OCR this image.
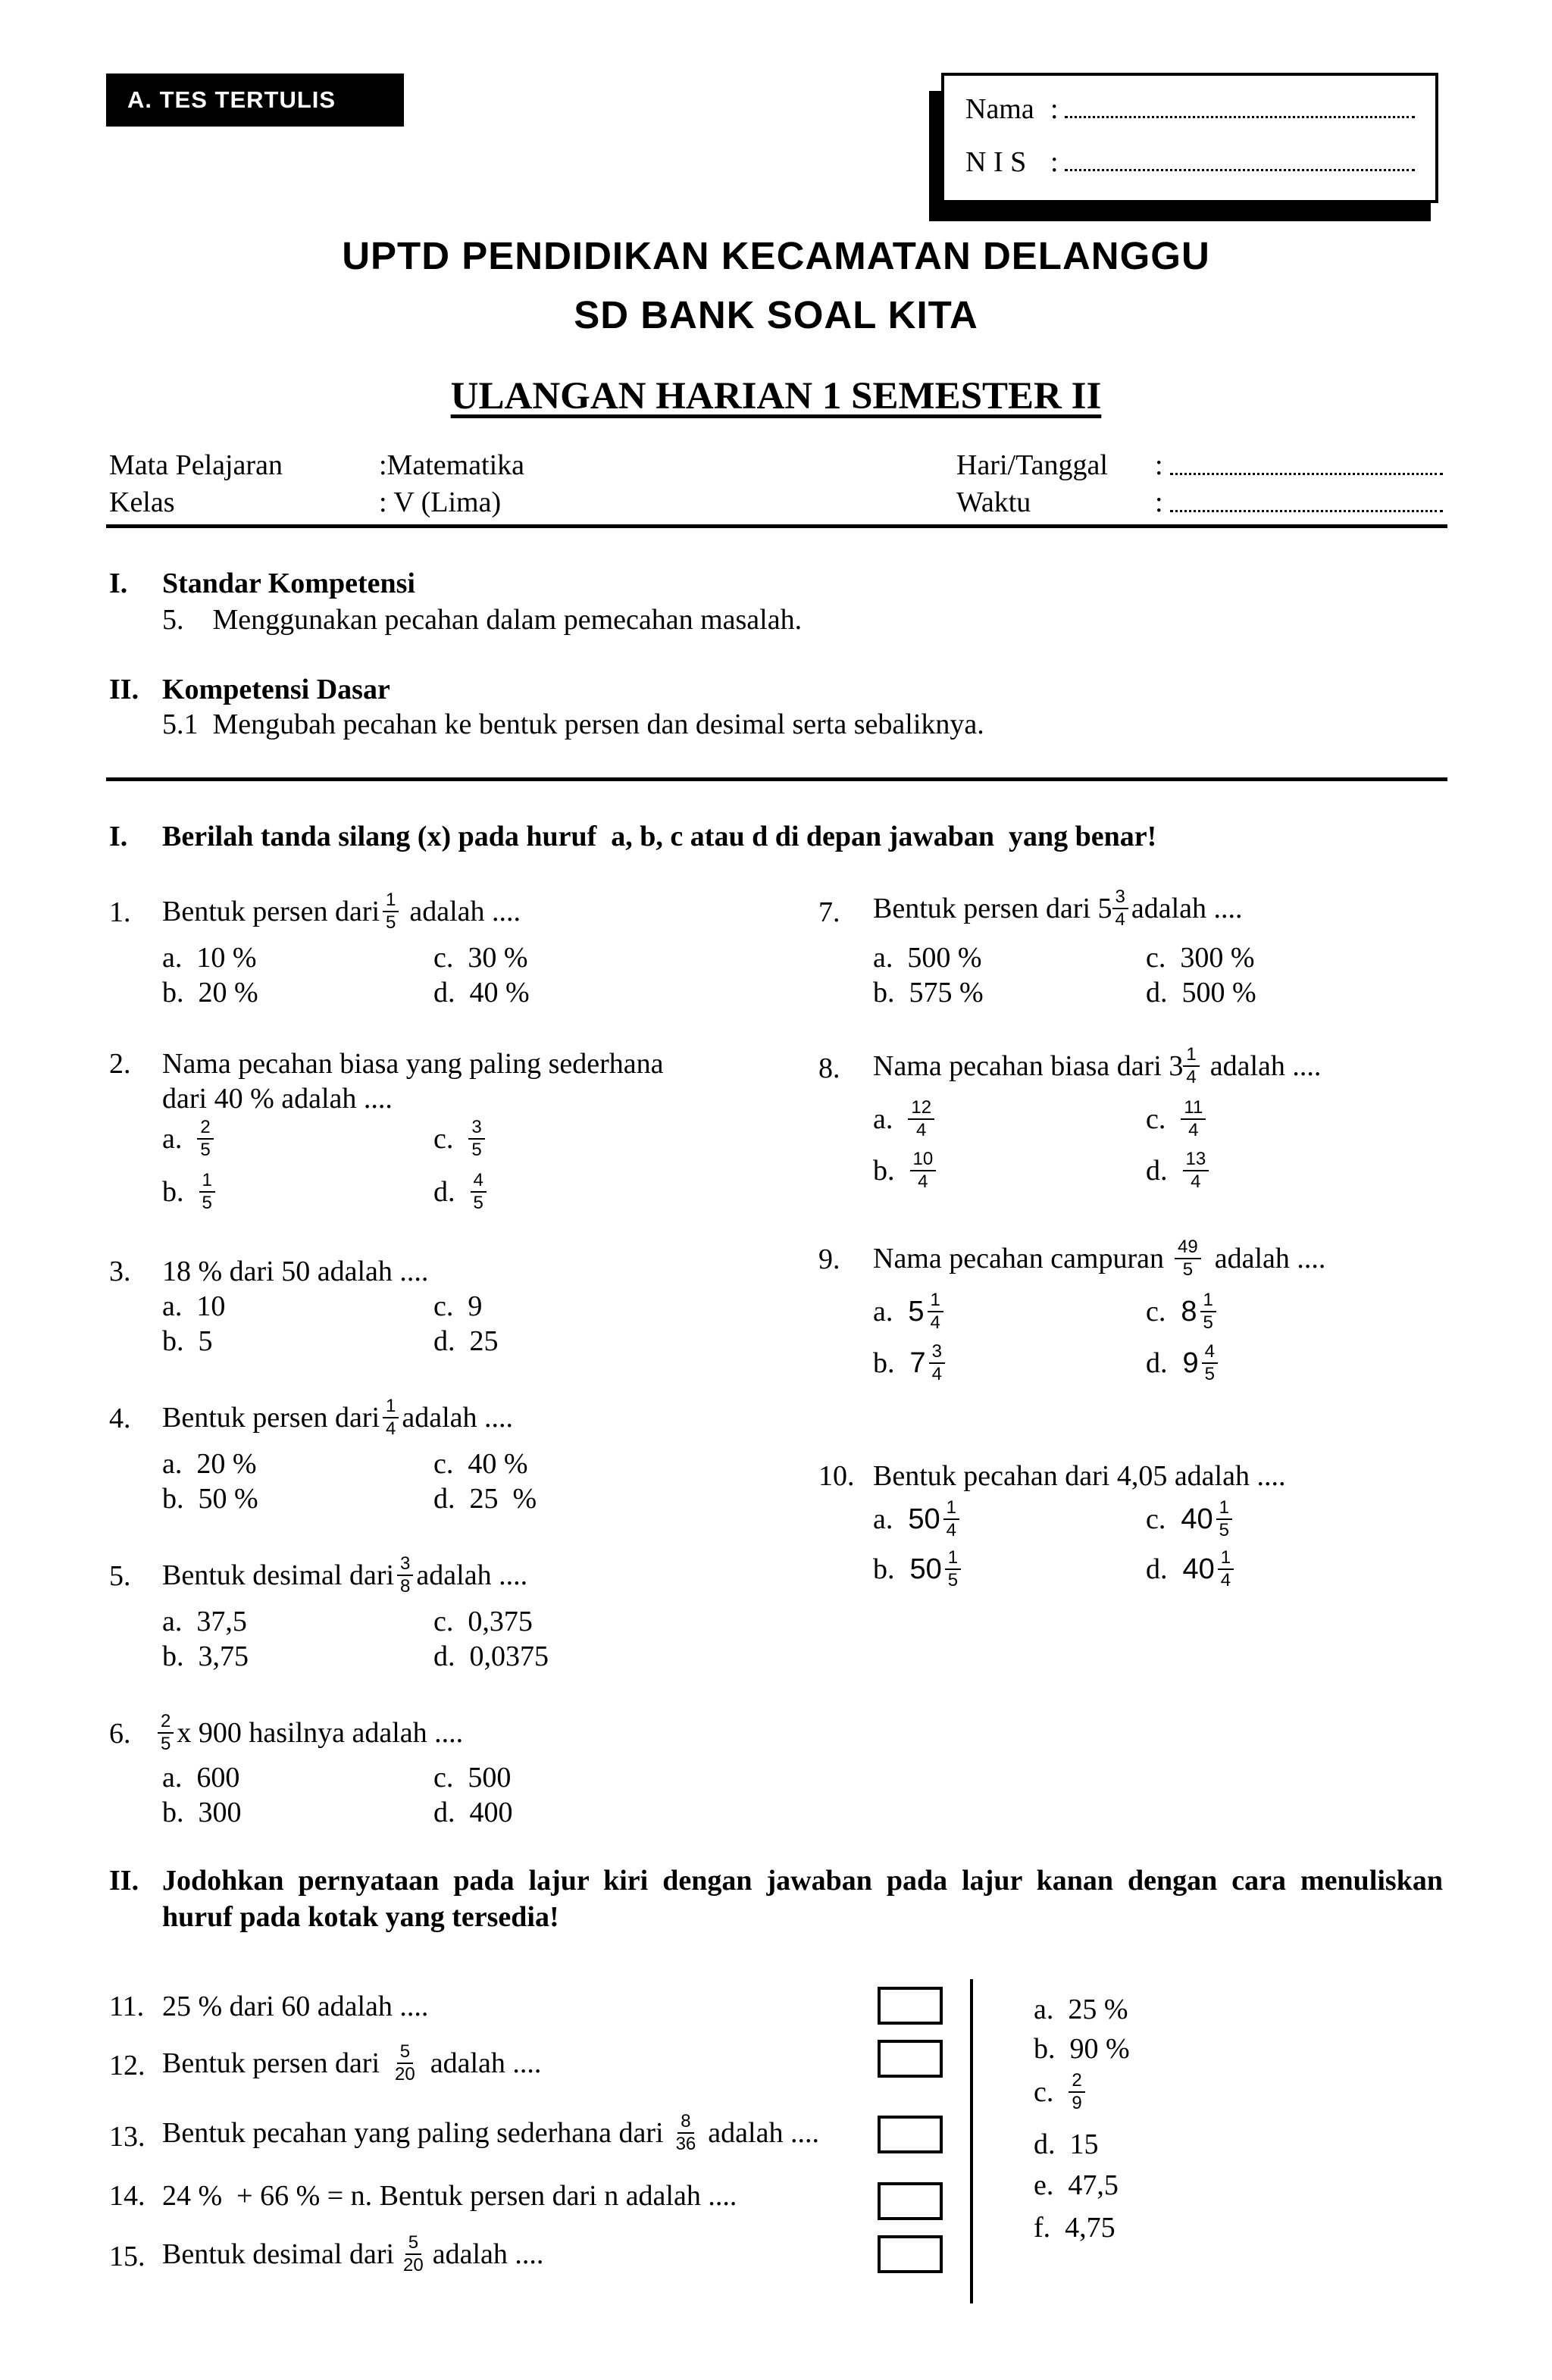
A. TES TERTULIS	Nama :
N I S :
UPTD PENDIDIKAN KECAMATAN DELANGGU
SD BANK SOAL KITA
ULANGAN HARIAN 1 SEMESTER II
Mata Pelajaran	:Matematika
Kelas	: V (Lima)
Hari/Tanggal :
Waktu	:
I. Standar Kompetensi
5.    Menggunakan pecahan dalam pemecahan masalah.
II. Kompetensi Dasar
5.1  Mengubah pecahan ke bentuk persen dan desimal serta sebaliknya.
I. Berilah tanda silang (x) pada huruf  a, b, c atau d di depan jawaban  yang benar!
1. Bentuk persen dari $\frac{1}{5}$ adalah ....
a.  10 %	c.  30 %
b.  20 %	d.  40 %
2. Nama pecahan biasa yang paling sederhana
dari 40 % adalah ....
a. $\frac{2}{5}$	c. $\frac{3}{5}$
b. $\frac{1}{5}$	d. $\frac{4}{5}$
3. 18 % dari 50 adalah ....
a.  10	c.  9
b.  5	d.  25
4. Bentuk persen dari $\frac{1}{4}$ adalah ....
a.  20 %	c.  40 %
b.  50 %	d.  25  %
5. Bentuk desimal dari $\frac{3}{8}$ adalah ....
a.  37,5	c.  0,375
b.  3,75	d.  0,0375
6. $\frac{2}{5}$ x 900 hasilnya adalah ....
a.  600	c.  500
b.  300	d.  400
7. Bentuk persen dari $5 \frac{3}{4}$ adalah ....
a.  500 %	c.  300 %
b.  575 %	d.  500 %
8. Nama pecahan biasa dari $3 \frac{1}{4}$ adalah ....
a. $\frac{12}{4}$	c. $\frac{11}{4}$
b. $\frac{10}{4}$	d. $\frac{13}{4}$
9. Nama pecahan campuran $\frac{49}{5}$ adalah ....
a. $5 \frac{1}{4}$	c. $8 \frac{1}{5}$
b. $7 \frac{3}{4}$	d. $9 \frac{4}{5}$
10. Bentuk pecahan dari 4,05 adalah ....
a. $50 \frac{1}{4}$	c. $40 \frac{1}{5}$
b. $50 \frac{1}{5}$	d. $40 \frac{1}{4}$
II. Jodohkan pernyataan pada lajur kiri dengan jawaban pada lajur kanan dengan cara menuliskan
huruf pada kotak yang tersedia!
11. 25 % dari 60 adalah ....
12. Bentuk persen dari $\frac{5}{20}$ adalah ....
13. Bentuk pecahan yang paling sederhana dari $\frac{8}{36}$ adalah ....
14. 24 %  + 66 % = n. Bentuk persen dari n adalah ....
15. Bentuk desimal dari $\frac{5}{20}$ adalah ....
a.  25 %
b.  90 %
c. $\frac{2}{9}$
d.  15
e.  47,5
f.  4,75
